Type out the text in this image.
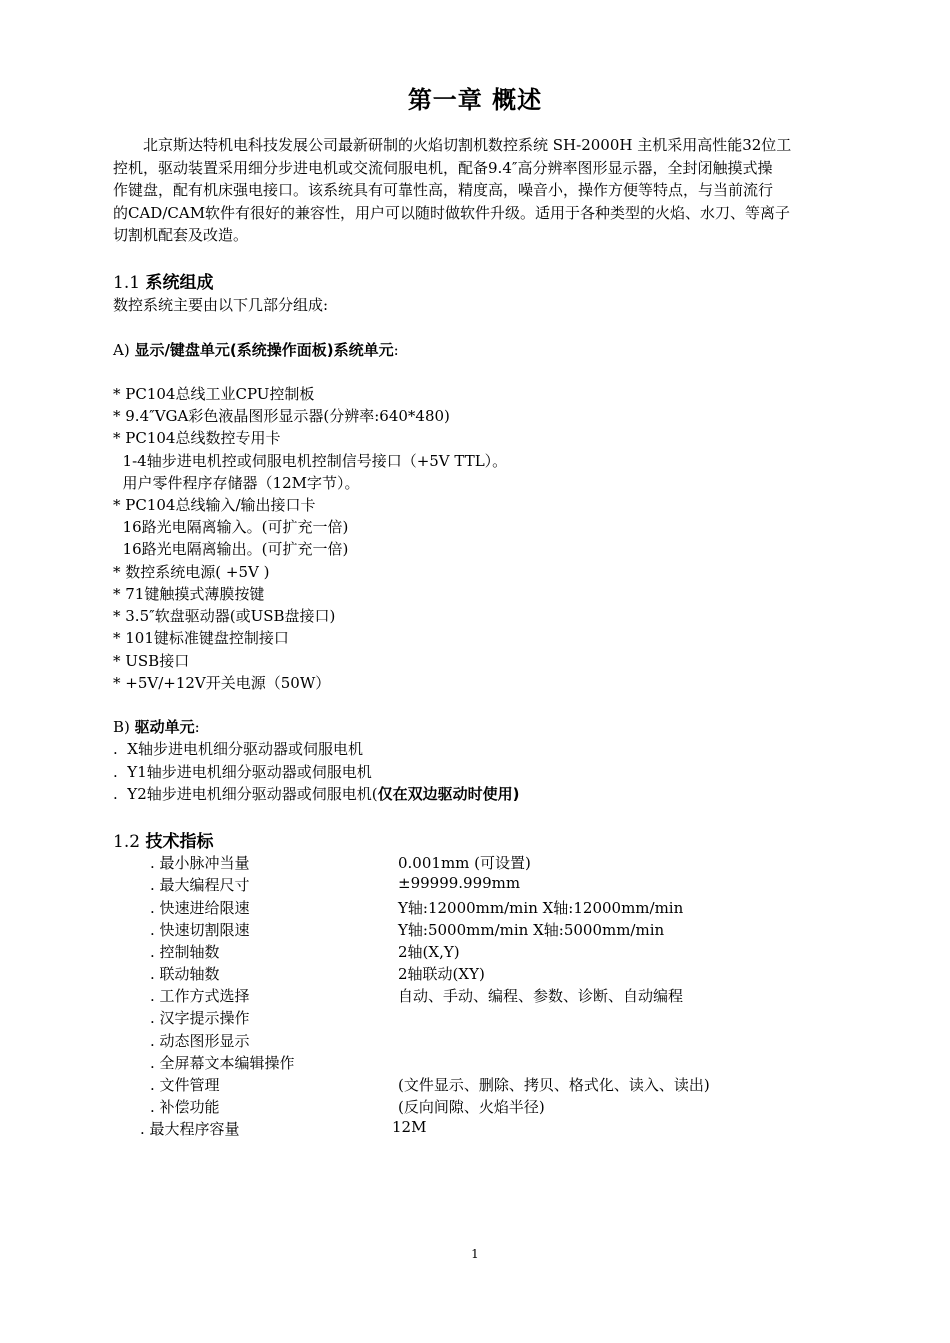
第一章 概述
　　北京斯达特机电科技发展公司最新研制的火焰切割机数控系统 SH-2000H 主机采用高性能32位工
控机，驱动装置采用细分步进电机或交流伺服电机，配备9.4″高分辨率图形显示器，全封闭触摸式操
作键盘，配有机床强电接口。该系统具有可靠性高，精度高，噪音小，操作方便等特点，与当前流行
的CAD/CAM软件有很好的兼容性，用户可以随时做软件升级。适用于各种类型的火焰、水刀、等离子
切割机配套及改造。
1.1 系统组成
数控系统主要由以下几部分组成:
A) 显示/键盘单元(系统操作面板)系统单元:
* PC104总线工业CPU控制板
* 9.4″VGA彩色液晶图形显示器(分辨率:640*480)
* PC104总线数控专用卡
1-4轴步进电机控或伺服电机控制信号接口（+5V TTL）。
用户零件程序存储器（12M字节）。
* PC104总线输入/输出接口卡
16路光电隔离输入。(可扩充一倍)
16路光电隔离输出。(可扩充一倍)
* 数控系统电源( +5V )
* 71键触摸式薄膜按键
* 3.5″软盘驱动器(或USB盘接口)
* 101键标准键盘控制接口
* USB接口
* +5V/+12V开关电源（50W）
B) 驱动单元:
.  X轴步进电机细分驱动器或伺服电机
.  Y1轴步进电机细分驱动器或伺服电机
.  Y2轴步进电机细分驱动器或伺服电机(仅在双边驱动时使用)
1.2 技术指标
. 最小脉冲当量	0.001mm (可设置)
. 最大编程尺寸	±99999.999mm
. 快速进给限速	Y轴:12000mm/min X轴:12000mm/min
. 快速切割限速	Y轴:5000mm/min X轴:5000mm/min
. 控制轴数	2轴(X,Y)
. 联动轴数	2轴联动(XY)
. 工作方式选择	自动、手动、编程、参数、诊断、自动编程
. 汉字提示操作
. 动态图形显示
. 全屏幕文本编辑操作
. 文件管理	(文件显示、删除、拷贝、格式化、读入、读出)
. 补偿功能	(反向间隙、火焰半径)
. 最大程序容量	12M
1
